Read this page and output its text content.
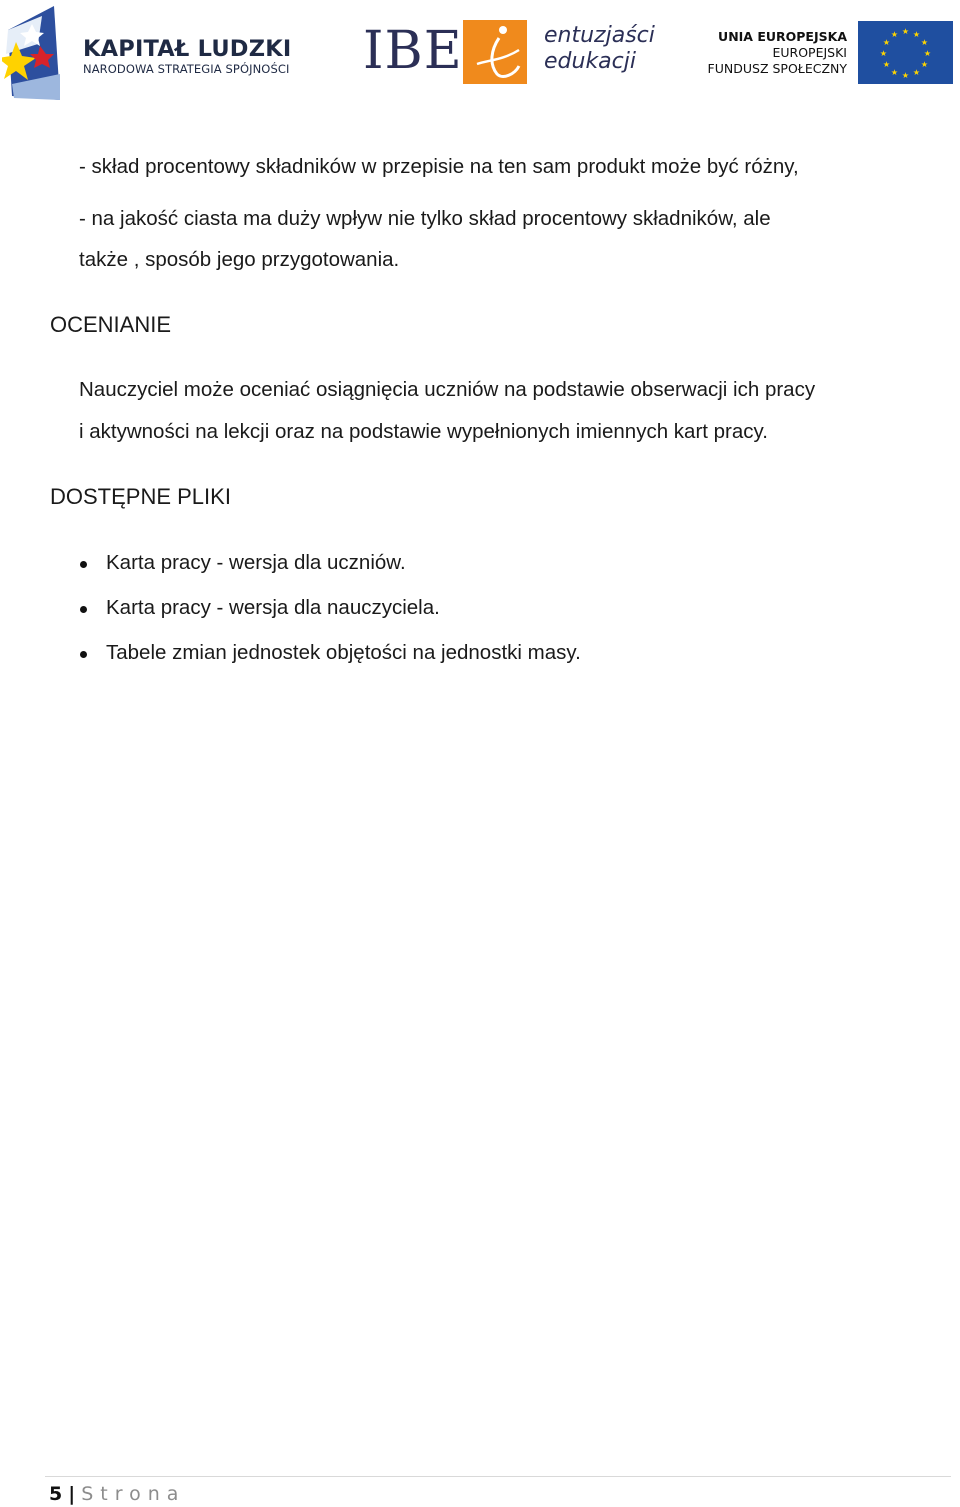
KAPITAŁ LUDZKI
NARODOWA STRATEGIA SPÓJNOŚCI IBE	entuzjaści
edukacji
UNIA EUROPEJSKA
EUROPEJSKI
FUNDUSZ SPOŁECZNY
★ ★
★
★
★
★
★
★
★
★
★
★
- skład procentowy składników w przepisie na ten sam produkt może być różny,
- na jakość ciasta ma duży wpływ nie tylko skład procentowy składników, ale
także , sposób jego przygotowania.
OCENIANIE
Nauczyciel może oceniać osiągnięcia uczniów na podstawie obserwacji ich pracy
i aktywności na lekcji oraz na podstawie wypełnionych imiennych kart pracy.
DOSTĘPNE PLIKI
Karta pracy - wersja dla uczniów.
Karta pracy - wersja dla nauczyciela.
Tabele zmian jednostek objętości na jednostki masy.
5 | Strona
